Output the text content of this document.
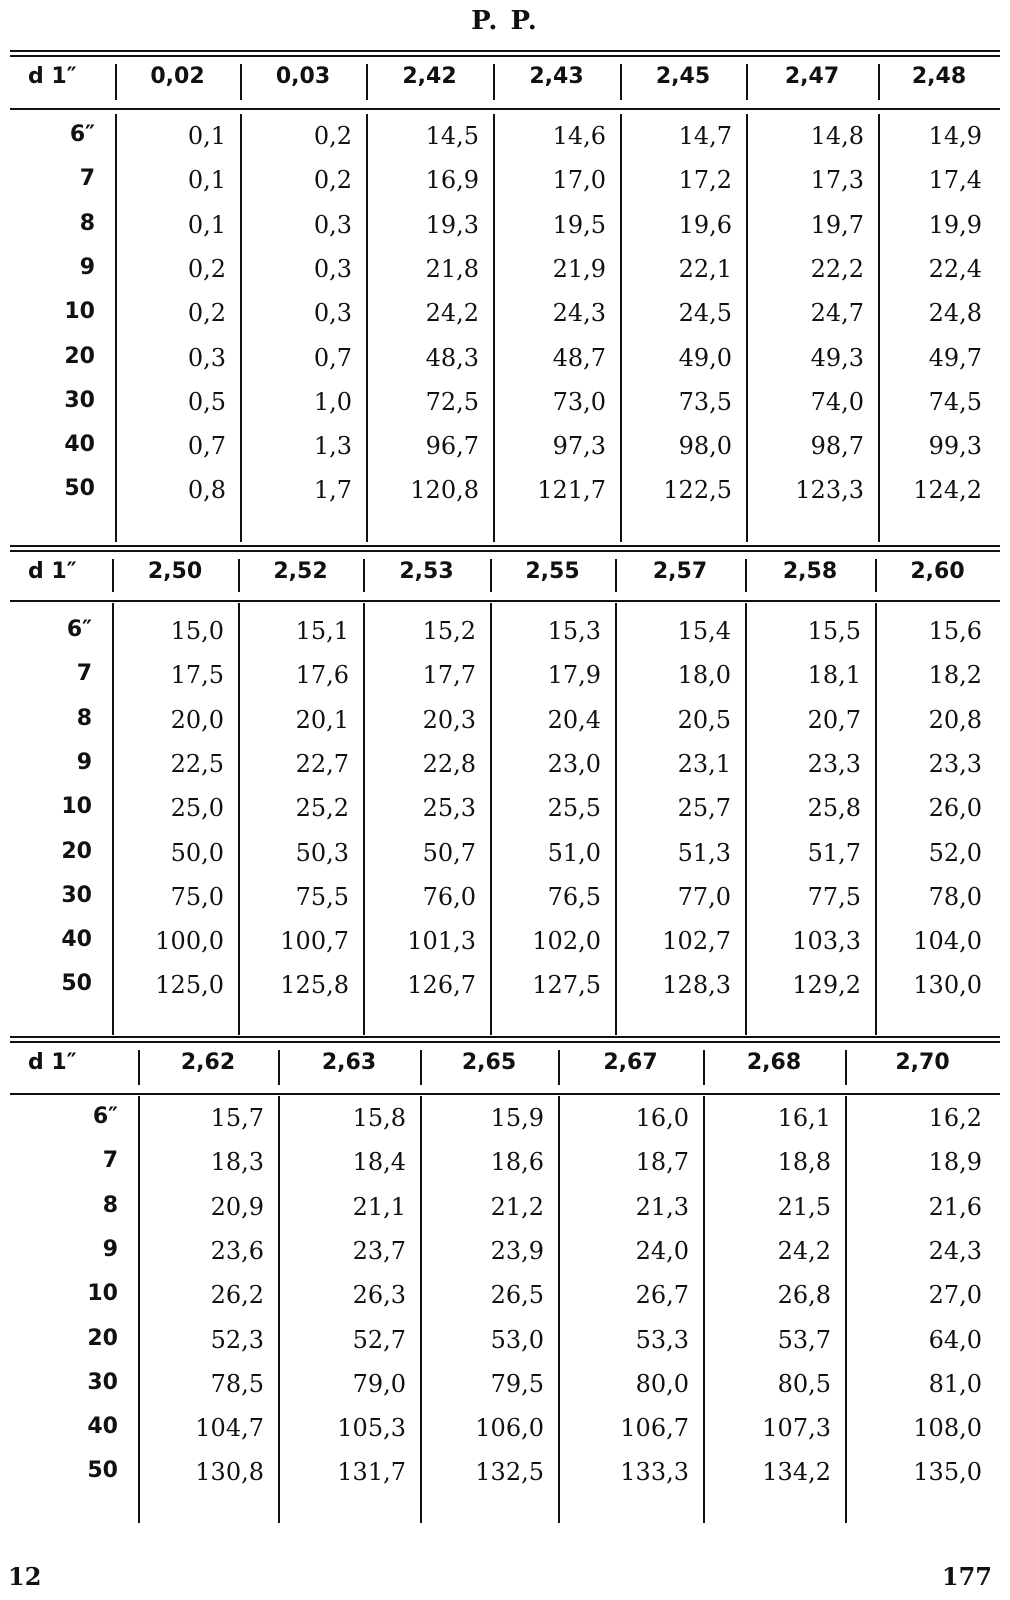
P. P.
d 1″	0,02	0,03	2,42	2,43	2,45	2,47	2,48
6″	0,1	0,2	14,5	14,6	14,7	14,8	14,9
7	0,1	0,2	16,9	17,0	17,2	17,3	17,4
8	0,1	0,3	19,3	19,5	19,6	19,7	19,9
9	0,2	0,3	21,8	21,9	22,1	22,2	22,4
10	0,2	0,3	24,2	24,3	24,5	24,7	24,8
20	0,3	0,7	48,3	48,7	49,0	49,3	49,7
30	0,5	1,0	72,5	73,0	73,5	74,0	74,5
40	0,7	1,3	96,7	97,3	98,0	98,7	99,3
50	0,8	1,7	120,8	121,7	122,5	123,3	124,2
d 1″	2,50	2,52	2,53	2,55	2,57	2,58	2,60
6″	15,0	15,1	15,2	15,3	15,4	15,5	15,6
7	17,5	17,6	17,7	17,9	18,0	18,1	18,2
8	20,0	20,1	20,3	20,4	20,5	20,7	20,8
9	22,5	22,7	22,8	23,0	23,1	23,3	23,3
10	25,0	25,2	25,3	25,5	25,7	25,8	26,0
20	50,0	50,3	50,7	51,0	51,3	51,7	52,0
30	75,0	75,5	76,0	76,5	77,0	77,5	78,0
40	100,0	100,7	101,3	102,0	102,7	103,3	104,0
50	125,0	125,8	126,7	127,5	128,3	129,2	130,0
d 1″	2,62	2,63	2,65	2,67	2,68	2,70
6″	15,7	15,8	15,9	16,0	16,1	16,2
7	18,3	18,4	18,6	18,7	18,8	18,9
8	20,9	21,1	21,2	21,3	21,5	21,6
9	23,6	23,7	23,9	24,0	24,2	24,3
10	26,2	26,3	26,5	26,7	26,8	27,0
20	52,3	52,7	53,0	53,3	53,7	64,0
30	78,5	79,0	79,5	80,0	80,5	81,0
40	104,7	105,3	106,0	106,7	107,3	108,0
50	130,8	131,7	132,5	133,3	134,2	135,0
12	177
